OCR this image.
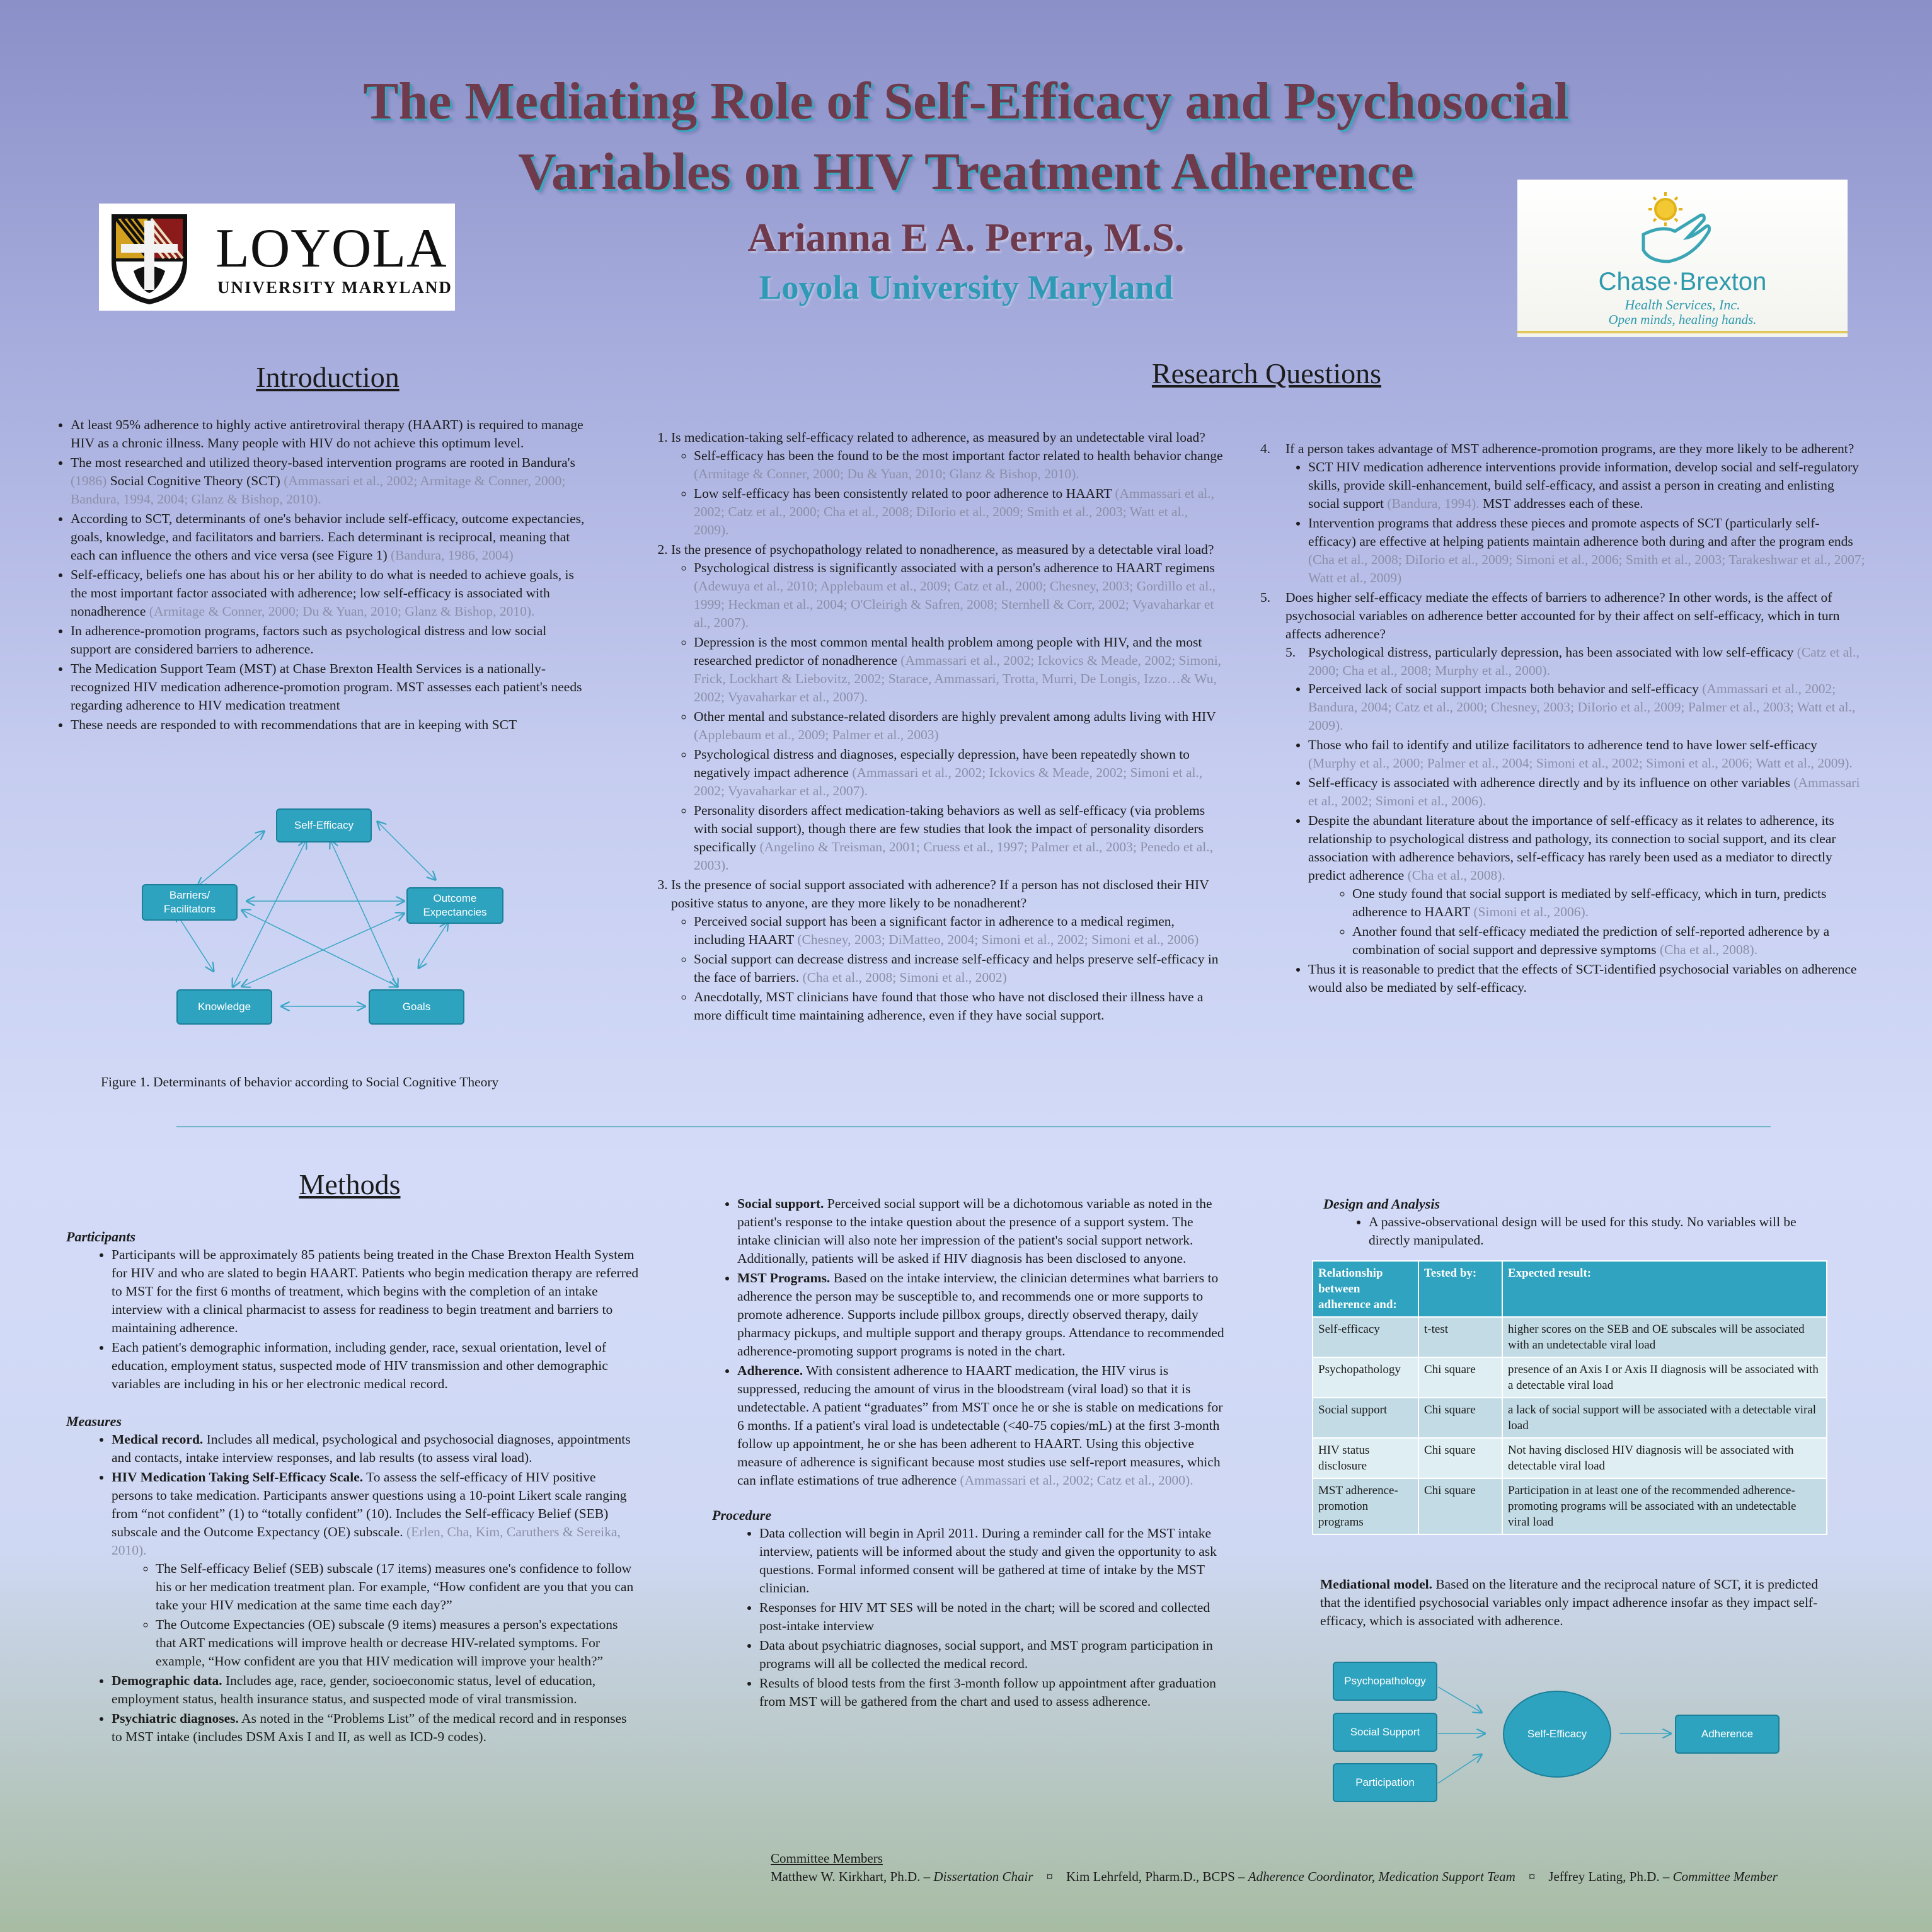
The Mediating Role of Self-Efficacy and Psychosocial
Variables on HIV Treatment Adherence
Arianna E A. Perra, M.S.
Loyola University Maryland
LOYOLA
UNIVERSITY MARYLAND	Chase·Brexton
Health Services, Inc.
Open minds, healing hands.
Introduction
• At least 95% adherence to highly active antiretroviral therapy (HAART) is required to manage HIV as a chronic illness. Many people with HIV do not achieve this optimum level.
• The most researched and utilized theory-based intervention programs are rooted in Bandura's (1986) Social Cognitive Theory (SCT) (Ammassari et al., 2002; Armitage & Conner, 2000; Bandura, 1994, 2004; Glanz & Bishop, 2010).
• According to SCT, determinants of one's behavior include self-efficacy, outcome expectancies, goals, knowledge, and facilitators and barriers. Each determinant is reciprocal, meaning that each can influence the others and vice versa (see Figure 1) (Bandura, 1986, 2004)
• Self-efficacy, beliefs one has about his or her ability to do what is needed to achieve goals, is the most important factor associated with adherence; low self-efficacy is associated with nonadherence (Armitage & Conner, 2000; Du & Yuan, 2010; Glanz & Bishop, 2010).
• In adherence-promotion programs, factors such as psychological distress and low social support are considered barriers to adherence.
• The Medication Support Team (MST) at Chase Brexton Health Services is a nationally-recognized HIV medication adherence-promotion program. MST assesses each patient's needs regarding adherence to HIV medication treatment
• These needs are responded to with recommendations that are in keeping with SCT
Self-Efficacy
Barriers/
Facilitators
Outcome
Expectancies
Knowledge	Goals
Figure 1. Determinants of behavior according to Social Cognitive Theory
Research Questions
1. Is medication-taking self-efficacy related to adherence, as measured by an undetectable viral load?
◦ Self-efficacy has been the found to be the most important factor related to health behavior change (Armitage & Conner, 2000; Du & Yuan, 2010; Glanz & Bishop, 2010).
◦ Low self-efficacy has been consistently related to poor adherence to HAART (Ammassari et al., 2002; Catz et al., 2000; Cha et al., 2008; DiIorio et al., 2009; Smith et al., 2003; Watt et al., 2009).
2. Is the presence of psychopathology related to nonadherence, as measured by a detectable viral load?
◦ Psychological distress is significantly associated with a person's adherence to HAART regimens (Adewuya et al., 2010; Applebaum et al., 2009; Catz et al., 2000; Chesney, 2003; Gordillo et al., 1999; Heckman et al., 2004; O'Cleirigh & Safren, 2008; Sternhell & Corr, 2002; Vyavaharkar et al., 2007).
◦ Depression is the most common mental health problem among people with HIV, and the most researched predictor of nonadherence (Ammassari et al., 2002; Ickovics & Meade, 2002; Simoni, Frick, Lockhart & Liebovitz, 2002; Starace, Ammassari, Trotta, Murri, De Longis, Izzo…& Wu, 2002; Vyavaharkar et al., 2007).
◦ Other mental and substance-related disorders are highly prevalent among adults living with HIV (Applebaum et al., 2009; Palmer et al., 2003)
◦ Psychological distress and diagnoses, especially depression, have been repeatedly shown to negatively impact adherence (Ammassari et al., 2002; Ickovics & Meade, 2002; Simoni et al., 2002; Vyavaharkar et al., 2007).
◦ Personality disorders affect medication-taking behaviors as well as self-efficacy (via problems with social support), though there are few studies that look the impact of personality disorders specifically (Angelino & Treisman, 2001; Cruess et al., 1997; Palmer et al., 2003; Penedo et al., 2003).
3. Is the presence of social support associated with adherence? If a person has not disclosed their HIV positive status to anyone, are they more likely to be nonadherent?
◦ Perceived social support has been a significant factor in adherence to a medical regimen, including HAART (Chesney, 2003; DiMatteo, 2004; Simoni et al., 2002; Simoni et al., 2006)
◦ Social support can decrease distress and increase self-efficacy and helps preserve self-efficacy in the face of barriers. (Cha et al., 2008; Simoni et al., 2002)
◦ Anecdotally, MST clinicians have found that those who have not disclosed their illness have a more difficult time maintaining adherence, even if they have social support.
4.	If a person takes advantage of MST adherence-promotion programs, are they more likely to be adherent?
• SCT HIV medication adherence interventions provide information, develop social and self-regulatory skills, provide skill-enhancement, build self-efficacy, and assist a person in creating and enlisting social support (Bandura, 1994). MST addresses each of these.
• Intervention programs that address these pieces and promote aspects of SCT (particularly self-efficacy) are effective at helping patients maintain adherence both during and after the program ends (Cha et al., 2008; DiIorio et al., 2009; Simoni et al., 2006; Smith et al., 2003; Tarakeshwar et al., 2007; Watt et al., 2009)
5.	Does higher self-efficacy mediate the effects of barriers to adherence? In other words, is the affect of psychosocial variables on adherence better accounted for by their affect on self-efficacy, which in turn affects adherence?
5. Psychological distress, particularly depression, has been associated with low self-efficacy (Catz et al., 2000; Cha et al., 2008; Murphy et al., 2000).
• Perceived lack of social support impacts both behavior and self-efficacy (Ammassari et al., 2002; Bandura, 2004; Catz et al., 2000; Chesney, 2003; DiIorio et al., 2009; Palmer et al., 2003; Watt et al., 2009).
• Those who fail to identify and utilize facilitators to adherence tend to have lower self-efficacy (Murphy et al., 2000; Palmer et al., 2004; Simoni et al., 2002; Simoni et al., 2006; Watt et al., 2009).
• Self-efficacy is associated with adherence directly and by its influence on other variables (Ammassari et al., 2002; Simoni et al., 2006).
• Despite the abundant literature about the importance of self-efficacy as it relates to adherence, its relationship to psychological distress and pathology, its connection to social support, and its clear association with adherence behaviors, self-efficacy has rarely been used as a mediator to directly predict adherence (Cha et al., 2008).
◦ One study found that social support is mediated by self-efficacy, which in turn, predicts adherence to HAART (Simoni et al., 2006).
◦ Another found that self-efficacy mediated the prediction of self-reported adherence by a combination of social support and depressive symptoms (Cha et al., 2008).
• Thus it is reasonable to predict that the effects of SCT-identified psychosocial variables on adherence would also be mediated by self-efficacy.
Methods
Participants
• Participants will be approximately 85 patients being treated in the Chase Brexton Health System for HIV and who are slated to begin HAART. Patients who begin medication therapy are referred to MST for the first 6 months of treatment, which begins with the completion of an intake interview with a clinical pharmacist to assess for readiness to begin treatment and barriers to maintaining adherence.
• Each patient's demographic information, including gender, race, sexual orientation, level of education, employment status, suspected mode of HIV transmission and other demographic variables are including in his or her electronic medical record.
Measures
• Medical record. Includes all medical, psychological and psychosocial diagnoses, appointments and contacts, intake interview responses, and lab results (to assess viral load).
• HIV Medication Taking Self-Efficacy Scale. To assess the self-efficacy of HIV positive persons to take medication. Participants answer questions using a 10-point Likert scale ranging from “not confident” (1) to “totally confident” (10). Includes the Self-efficacy Belief (SEB) subscale and the Outcome Expectancy (OE) subscale. (Erlen, Cha, Kim, Caruthers & Sereika, 2010).
◦ The Self-efficacy Belief (SEB) subscale (17 items) measures one's confidence to follow his or her medication treatment plan. For example, “How confident are you that you can take your HIV medication at the same time each day?”
◦ The Outcome Expectancies (OE) subscale (9 items) measures a person's expectations that ART medications will improve health or decrease HIV-related symptoms. For example, “How confident are you that HIV medication will improve your health?”
• Demographic data. Includes age, race, gender, socioeconomic status, level of education, employment status, health insurance status, and suspected mode of viral transmission.
• Psychiatric diagnoses. As noted in the “Problems List” of the medical record and in responses to MST intake (includes DSM Axis I and II, as well as ICD-9 codes).
• Social support. Perceived social support will be a dichotomous variable as noted in the patient's response to the intake question about the presence of a support system. The intake clinician will also note her impression of the patient's social support network. Additionally, patients will be asked if HIV diagnosis has been disclosed to anyone.
• MST Programs. Based on the intake interview, the clinician determines what barriers to adherence the person may be susceptible to, and recommends one or more supports to promote adherence. Supports include pillbox groups, directly observed therapy, daily pharmacy pickups, and multiple support and therapy groups. Attendance to recommended adherence-promoting support programs is noted in the chart.
• Adherence. With consistent adherence to HAART medication, the HIV virus is suppressed, reducing the amount of virus in the bloodstream (viral load) so that it is undetectable. A patient “graduates” from MST once he or she is stable on medications for 6 months. If a patient's viral load is undetectable (<40-75 copies/mL) at the first 3-month follow up appointment, he or she has been adherent to HAART. Using this objective measure of adherence is significant because most studies use self-report measures, which can inflate estimations of true adherence (Ammassari et al., 2002; Catz et al., 2000).
Procedure
• Data collection will begin in April 2011. During a reminder call for the MST intake interview, patients will be informed about the study and given the opportunity to ask questions. Formal informed consent will be gathered at time of intake by the MST clinician.
• Responses for HIV MT SES will be noted in the chart; will be scored and collected post-intake interview
• Data about psychiatric diagnoses, social support, and MST program participation in programs will all be collected the medical record.
• Results of blood tests from the first 3-month follow up appointment after graduation from MST will be gathered from the chart and used to assess adherence.
Design and Analysis
• A passive-observational design will be used for this study. No variables will be directly manipulated.
Relationship between adherence and:	Tested by:	Expected result:
Self-efficacy	t-test	higher scores on the SEB and OE subscales will be associated with an undetectable viral load
Psychopathology	Chi square	presence of an Axis I or Axis II diagnosis will be associated with a detectable viral load
Social support	Chi square	a lack of social support will be associated with a detectable viral load
HIV status disclosure	Chi square	Not having disclosed HIV diagnosis will be associated with detectable viral load
MST adherence-promotion programs	Chi square	Participation in at least one of the recommended adherence-promoting programs will be associated with an undetectable viral load
Mediational model. Based on the literature and the reciprocal nature of SCT, it is predicted that the identified psychosocial variables only impact adherence insofar as they impact self-efficacy, which is associated with adherence.
Psychopathology
Social Support
Participation
Self-Efficacy	Adherence
Committee Members
Matthew W. Kirkhart, Ph.D. – Dissertation Chair    ¤    Kim Lehrfeld, Pharm.D., BCPS – Adherence Coordinator, Medication Support Team    ¤    Jeffrey Lating, Ph.D. – Committee Member
